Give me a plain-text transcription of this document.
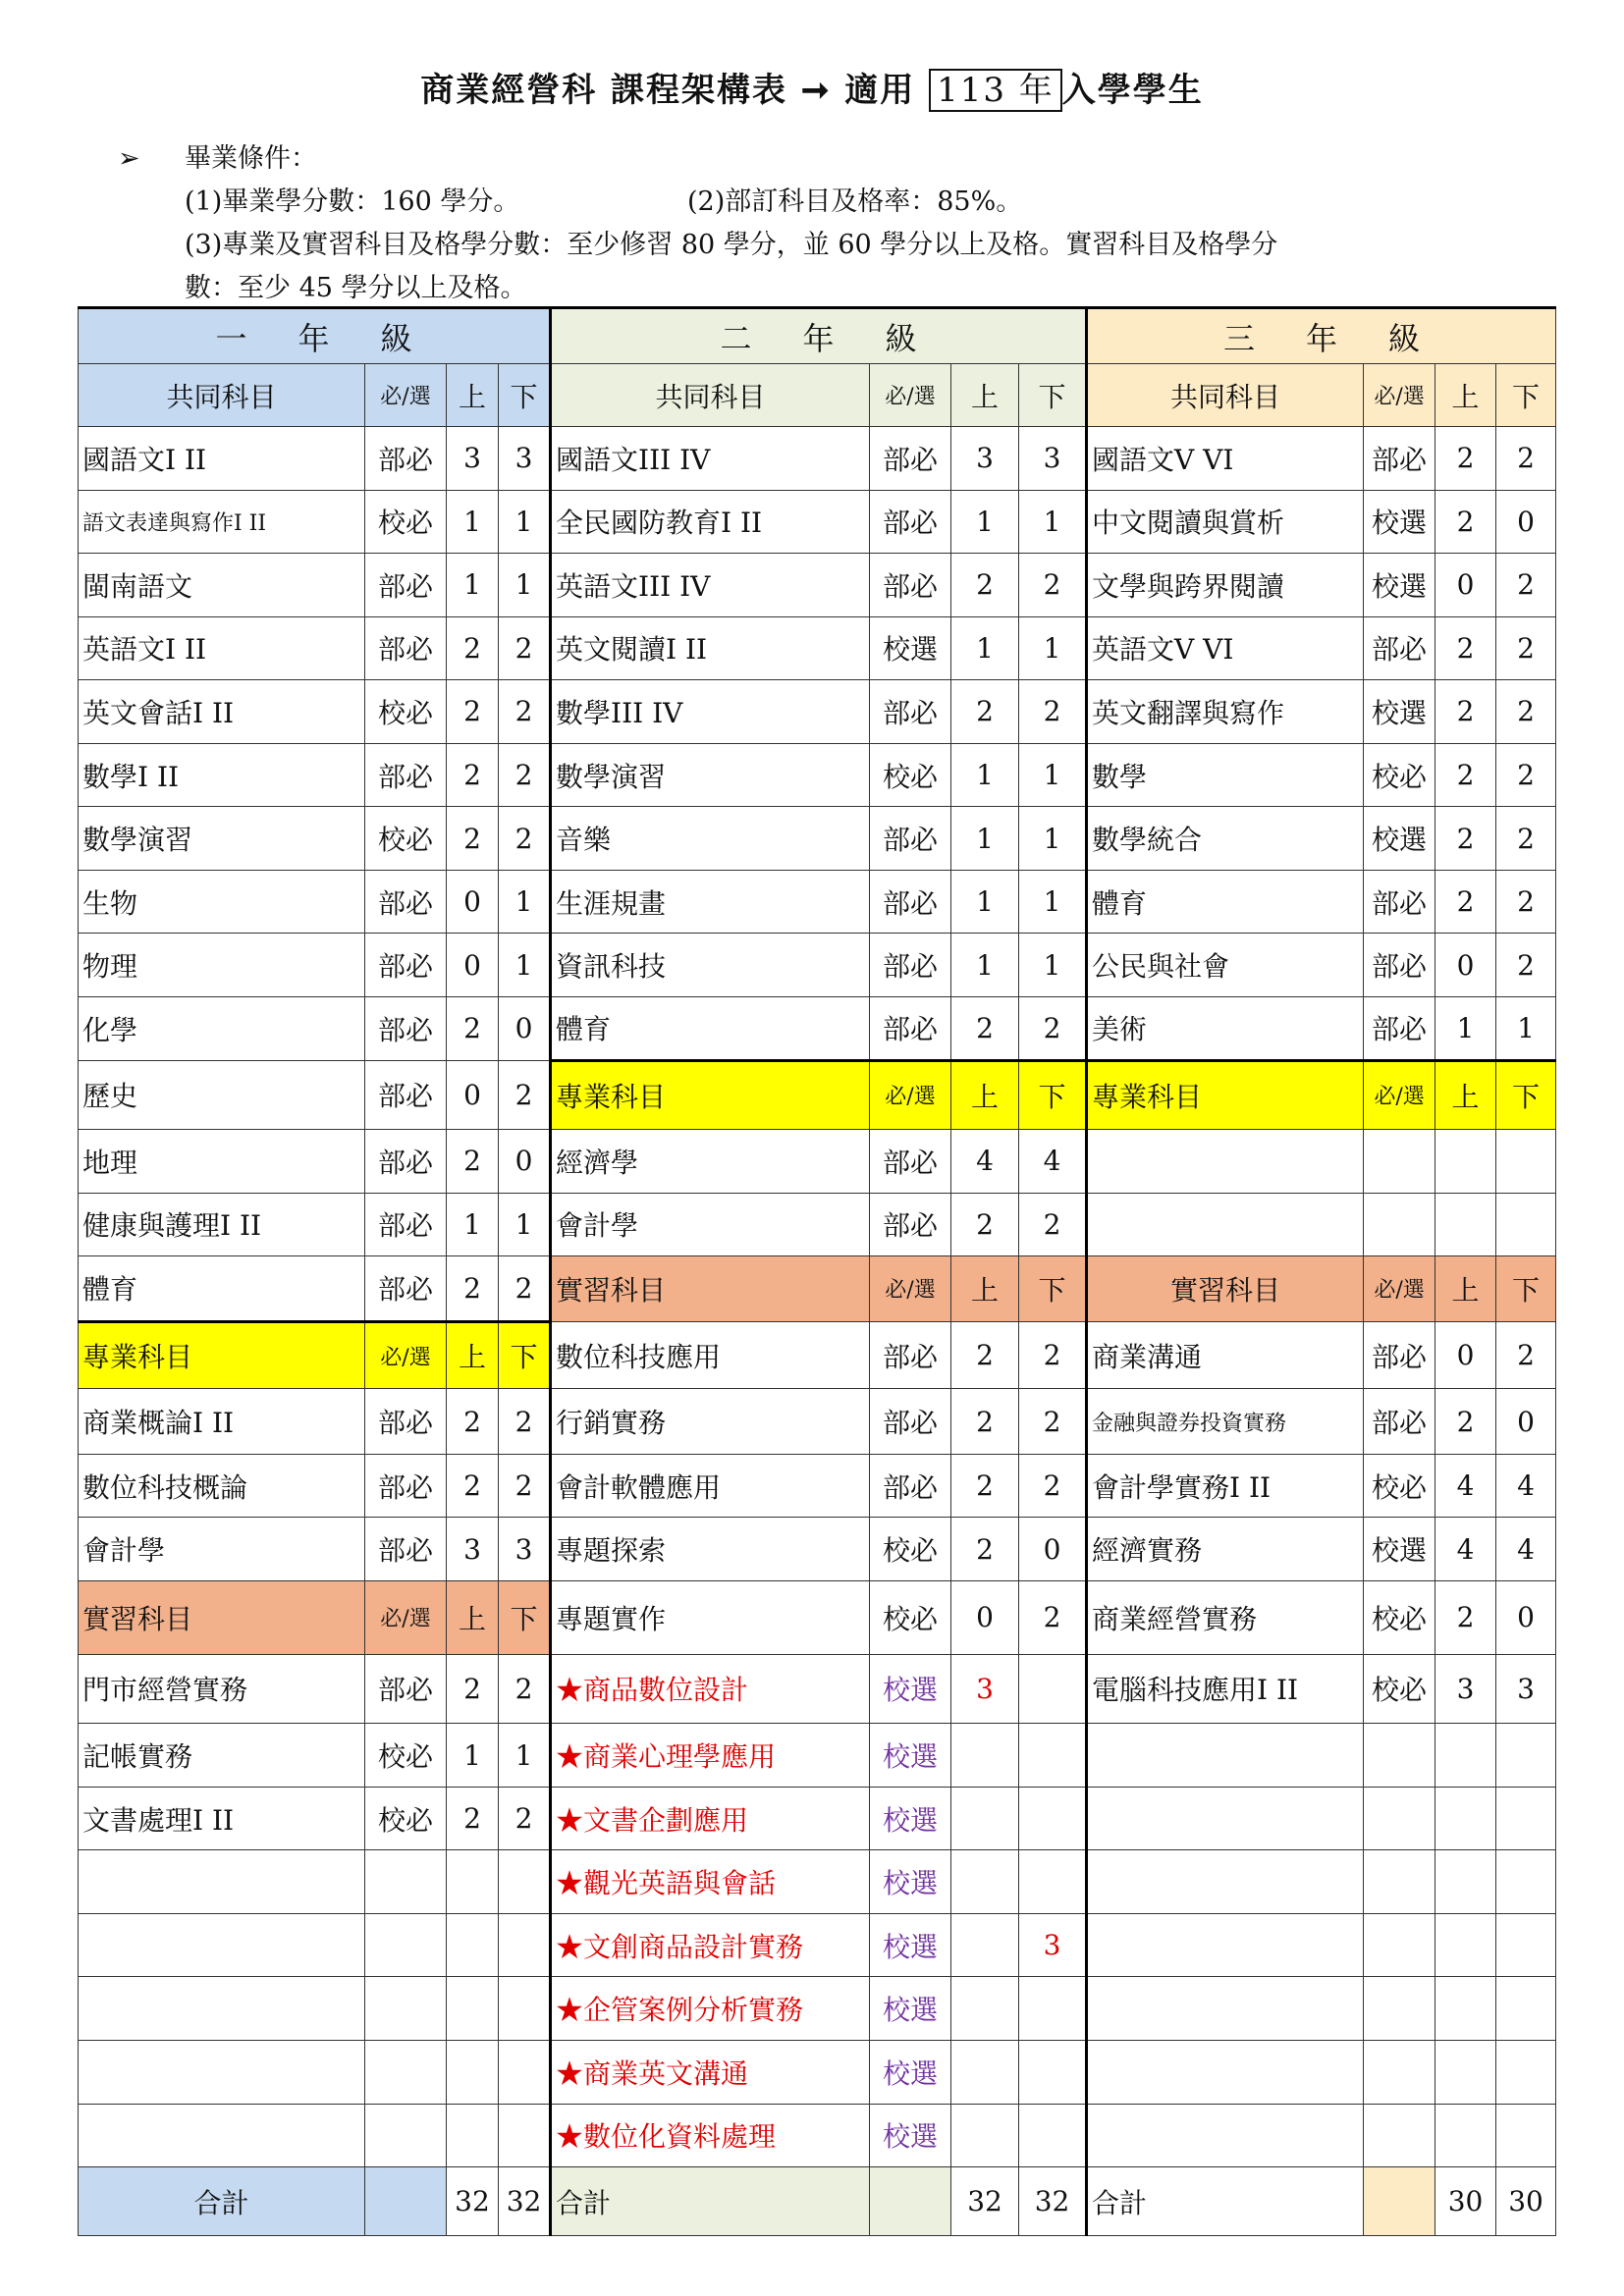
商業經營科 課程架構表 ➞ 適用 113 年 入學學生
➢ 畢業條件：
(1)畢業學分數：160 學分。	(2)部訂科目及格率：85%。
(3)專業及實習科目及格學分數：至少修習 80 學分，並 60 學分以上及格。實習科目及格學分
數：至少 45 學分以上及格。
一年級				二年級				三年級			
共同科目	必/選	上	下	共同科目	必/選	上	下	共同科目	必/選	上	下
國語文I II	部必	3	3	國語文III IV	部必	3	3	國語文V VI	部必	2	2
語文表達與寫作I II	校必	1	1	全民國防教育I II	部必	1	1	中文閱讀與賞析	校選	2	0
閩南語文	部必	1	1	英語文III IV	部必	2	2	文學與跨界閱讀	校選	0	2
英語文I II	部必	2	2	英文閱讀I II	校選	1	1	英語文V VI	部必	2	2
英文會話I II	校必	2	2	數學III IV	部必	2	2	英文翻譯與寫作	校選	2	2
數學I II	部必	2	2	數學演習	校必	1	1	數學	校必	2	2
數學演習	校必	2	2	音樂	部必	1	1	數學統合	校選	2	2
生物	部必	0	1	生涯規畫	部必	1	1	體育	部必	2	2
物理	部必	0	1	資訊科技	部必	1	1	公民與社會	部必	0	2
化學	部必	2	0	體育	部必	2	2	美術	部必	1	1
歷史	部必	0	2	專業科目	必/選	上	下	專業科目	必/選	上	下
地理	部必	2	0	經濟學	部必	4	4				
健康與護理I II	部必	1	1	會計學	部必	2	2				
體育	部必	2	2	實習科目	必/選	上	下	實習科目	必/選	上	下
專業科目	必/選	上	下	數位科技應用	部必	2	2	商業溝通	部必	0	2
商業概論I II	部必	2	2	行銷實務	部必	2	2	金融與證券投資實務	部必	2	0
數位科技概論	部必	2	2	會計軟體應用	部必	2	2	會計學實務I II	校必	4	4
會計學	部必	3	3	專題探索	校必	2	0	經濟實務	校選	4	4
實習科目	必/選	上	下	專題實作	校必	0	2	商業經營實務	校必	2	0
門市經營實務	部必	2	2	★商品數位設計	校選	3		電腦科技應用I II	校必	3	3
記帳實務	校必	1	1	★商業心理學應用	校選						
文書處理I II	校必	2	2	★文書企劃應用	校選						
				★觀光英語與會話	校選						
				★文創商品設計實務	校選		3				
				★企管案例分析實務	校選						
				★商業英文溝通	校選						
				★數位化資料處理	校選						
合計		32	32	合計		32	32	合計		30	30
